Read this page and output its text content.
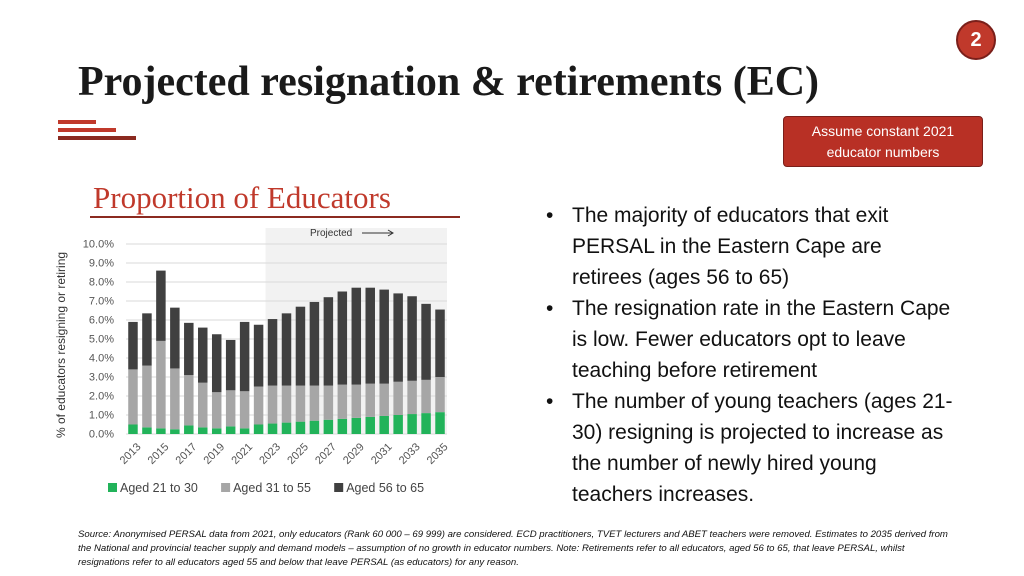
2
Projected resignation & retirements (EC)
Assume constant 2021 educator numbers
Proportion of Educators
0.0%
1.0%
2.0%
3.0%
4.0%
5.0%
6.0%
7.0%
8.0%
9.0%
10.0%
2013 2015 2017 2019 2021 2023 2025 2027 2029 2031 2033 2035
Projected
% of educators resigning or retiring
Aged 21 to 30	Aged 31 to 55	Aged 56 to 65
• The majority of educators that exit PERSAL in the Eastern Cape are retirees (ages 56 to 65)
• The resignation rate in the Eastern Cape is low. Fewer educators opt to leave teaching before retirement
• The number of young teachers (ages 21-30) resigning is projected to increase as the number of newly hired young teachers increases.

Source: Anonymised PERSAL data from 2021, only educators (Rank 60 000 – 69 999) are considered. ECD practitioners, TVET lecturers and ABET teachers were removed. Estimates to 2035 derived from the National and provincial teacher supply and demand models – assumption of no growth in educator numbers. Note: Retirements refer to all educators, aged 56 to 65, that leave PERSAL, whilst resignations refer to all educators aged 55 and below that leave PERSAL (as educators) for any reason.
